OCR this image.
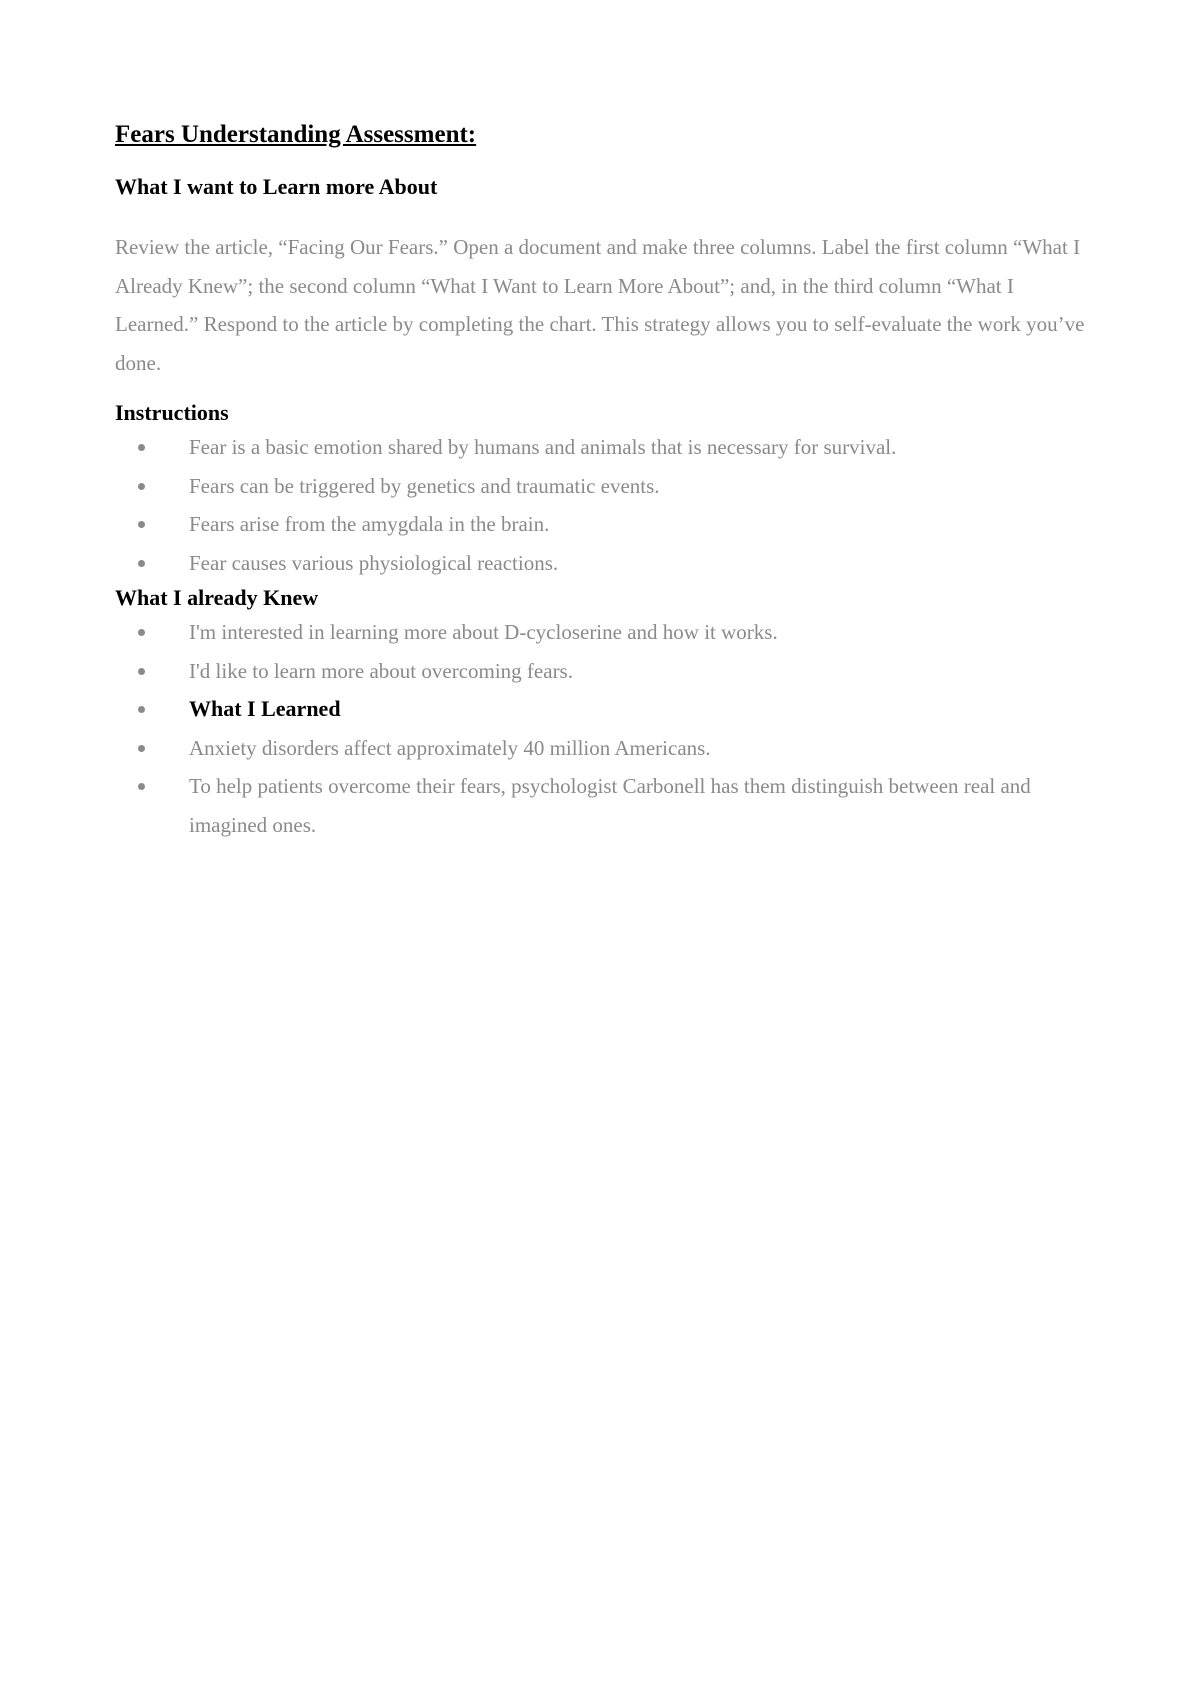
Fears Understanding Assessment:
What I want to Learn more About

Review the article, “Facing Our Fears.” Open a document and make three columns. Label the first column “What I Already Knew”; the second column “What I Want to Learn More About”; and, in the third column “What I Learned.” Respond to the article by completing the chart. This strategy allows you to self-evaluate the work you’ve done.

Instructions
Fear is a basic emotion shared by humans and animals that is necessary for survival.
Fears can be triggered by genetics and traumatic events.
Fears arise from the amygdala in the brain.
Fear causes various physiological reactions.
What I already Knew
I'm interested in learning more about D-cycloserine and how it works.
I'd like to learn more about overcoming fears.
What I Learned
Anxiety disorders affect approximately 40 million Americans.
To help patients overcome their fears, psychologist Carbonell has them distinguish between real and imagined ones.
